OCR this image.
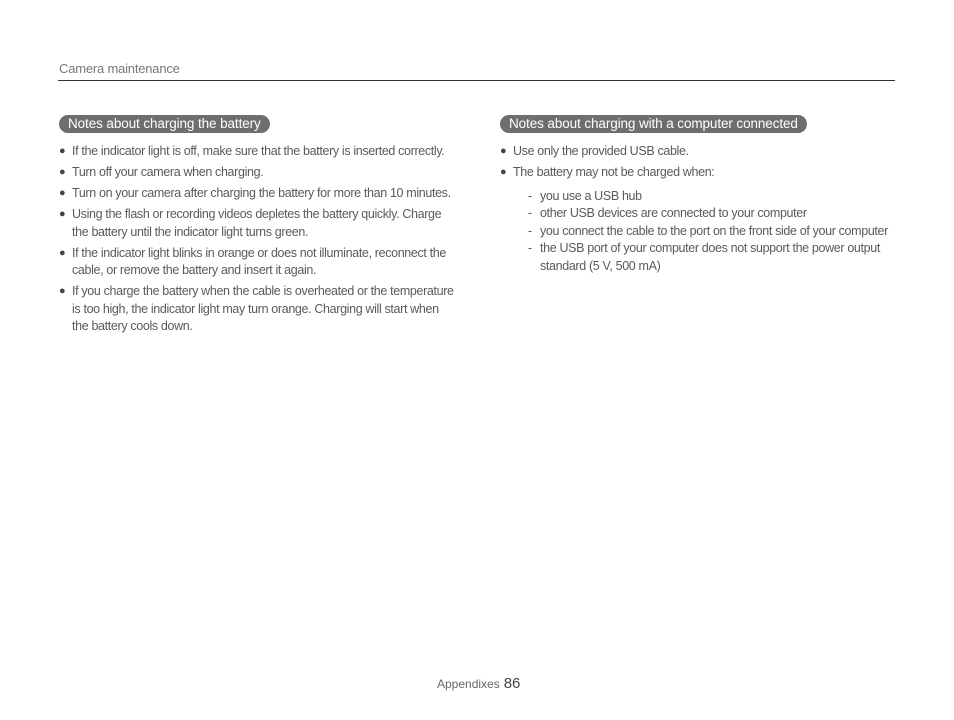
Camera maintenance
Notes about charging the battery
● If the indicator light is off, make sure that the battery is inserted correctly.
● Turn off your camera when charging.
● Turn on your camera after charging the battery for more than 10 minutes.
● Using the flash or recording videos depletes the battery quickly. Charge the battery until the indicator light turns green.
● If the indicator light blinks in orange or does not illuminate, reconnect the cable, or remove the battery and insert it again.
● If you charge the battery when the cable is overheated or the temperature is too high, the indicator light may turn orange. Charging will start when the battery cools down.
Notes about charging with a computer connected
● Use only the provided USB cable.
● The battery may not be charged when:
- you use a USB hub
- other USB devices are connected to your computer
- you connect the cable to the port on the front side of your computer
- the USB port of your computer does not support the power output standard (5 V, 500 mA)
Appendixes 86
